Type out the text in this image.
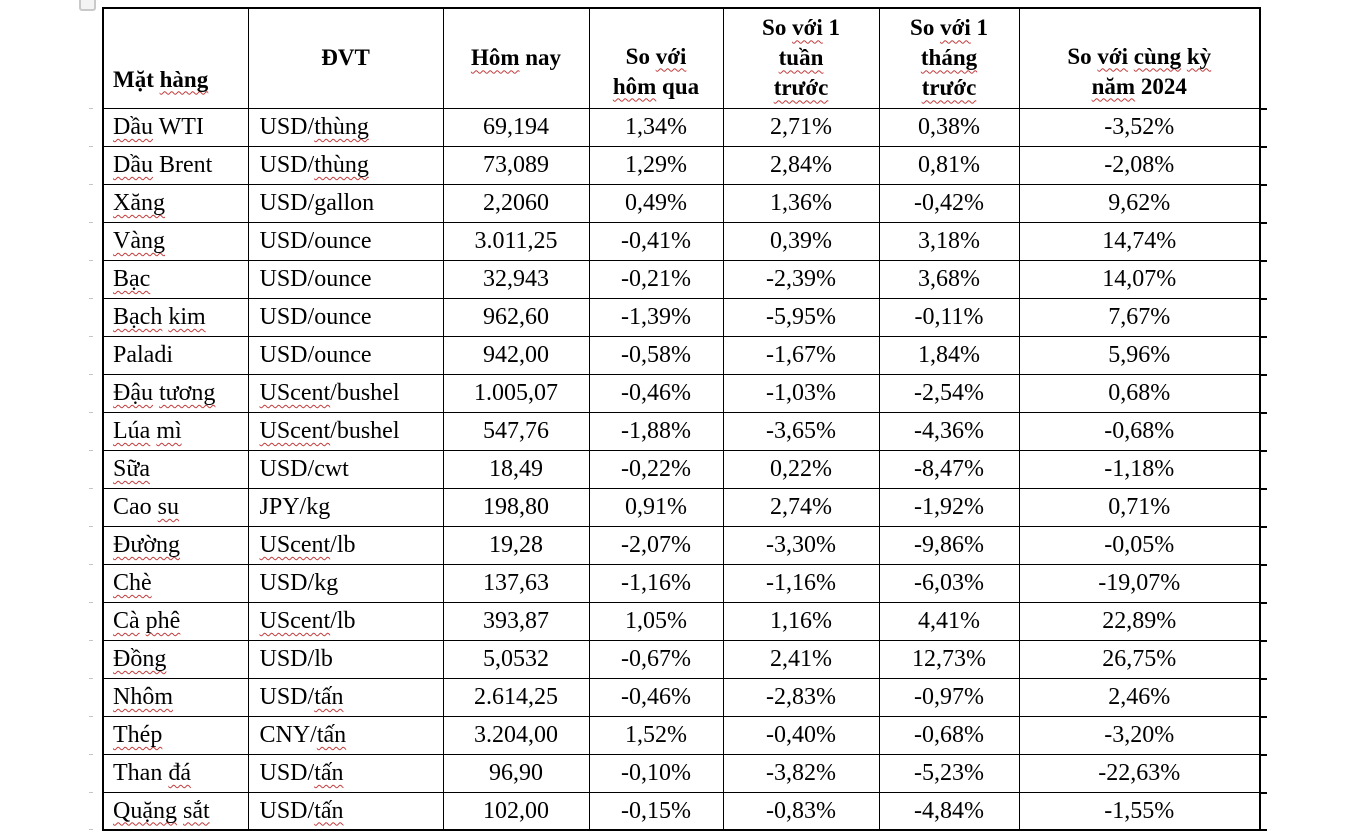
Mặt hàng	ĐVT	Hôm nay	So với
hôm qua	So với 1
tuần
trước	So với 1
tháng
trước	So với cùng kỳ
năm 2024
Dầu WTI	USD/thùng	69,194	1,34%	2,71%	0,38%	-3,52%
Dầu Brent	USD/thùng	73,089	1,29%	2,84%	0,81%	-2,08%
Xăng	USD/gallon	2,2060	0,49%	1,36%	-0,42%	9,62%
Vàng	USD/ounce	3.011,25	-0,41%	0,39%	3,18%	14,74%
Bạc	USD/ounce	32,943	-0,21%	-2,39%	3,68%	14,07%
Bạch kim	USD/ounce	962,60	-1,39%	-5,95%	-0,11%	7,67%
Paladi	USD/ounce	942,00	-0,58%	-1,67%	1,84%	5,96%
Đậu tương	UScent/bushel	1.005,07	-0,46%	-1,03%	-2,54%	0,68%
Lúa mì	UScent/bushel	547,76	-1,88%	-3,65%	-4,36%	-0,68%
Sữa	USD/cwt	18,49	-0,22%	0,22%	-8,47%	-1,18%
Cao su	JPY/kg	198,80	0,91%	2,74%	-1,92%	0,71%
Đường	UScent/lb	19,28	-2,07%	-3,30%	-9,86%	-0,05%
Chè	USD/kg	137,63	-1,16%	-1,16%	-6,03%	-19,07%
Cà phê	UScent/lb	393,87	1,05%	1,16%	4,41%	22,89%
Đồng	USD/lb	5,0532	-0,67%	2,41%	12,73%	26,75%
Nhôm	USD/tấn	2.614,25	-0,46%	-2,83%	-0,97%	2,46%
Thép	CNY/tấn	3.204,00	1,52%	-0,40%	-0,68%	-3,20%
Than đá	USD/tấn	96,90	-0,10%	-3,82%	-5,23%	-22,63%
Quặng sắt	USD/tấn	102,00	-0,15%	-0,83%	-4,84%	-1,55%
